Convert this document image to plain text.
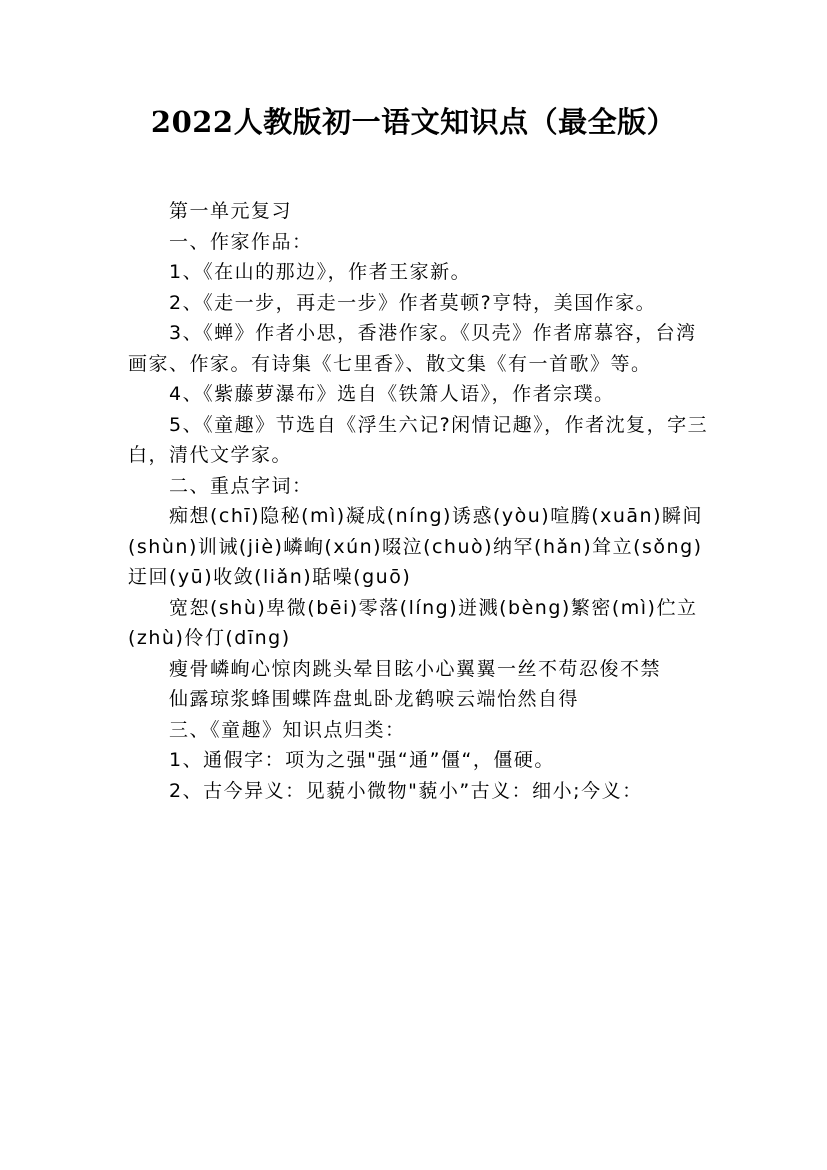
2022人教版初一语文知识点（最全版）

第一单元复习

一、作家作品：

1、《在山的那边》，作者王家新。

2、《走一步，再走一步》作者莫顿?亨特，美国作家。

3、《蝉》作者小思，香港作家。《贝壳》作者席慕容，台湾画家、作家。有诗集《七里香》、散文集《有一首歌》等。

4、《紫藤萝瀑布》选自《铁箫人语》，作者宗璞。

5、《童趣》节选自《浮生六记?闲情记趣》，作者沈复，字三白，清代文学家。

二、重点字词：

痴想(chī)隐秘(mì)凝成(níng)诱惑(yòu)喧腾(xuān)瞬间(shùn)训诫(jiè)嶙峋(xún)啜泣(chuò)纳罕(hǎn)耸立(sǒng)迂回(yū)收敛(liǎn)聒噪(guō)

宽恕(shù)卑微(bēi)零落(líng)迸溅(bèng)繁密(mì)伫立(zhù)伶仃(dīng)

瘦骨嶙峋心惊肉跳头晕目眩小心翼翼一丝不苟忍俊不禁

仙露琼浆蜂围蝶阵盘虬卧龙鹤唳云端怡然自得

三、《童趣》知识点归类：

1、通假字：项为之强"强“通”僵“，僵硬。

2、古今异义：见藐小微物"藐小”古义：细小;今义：
